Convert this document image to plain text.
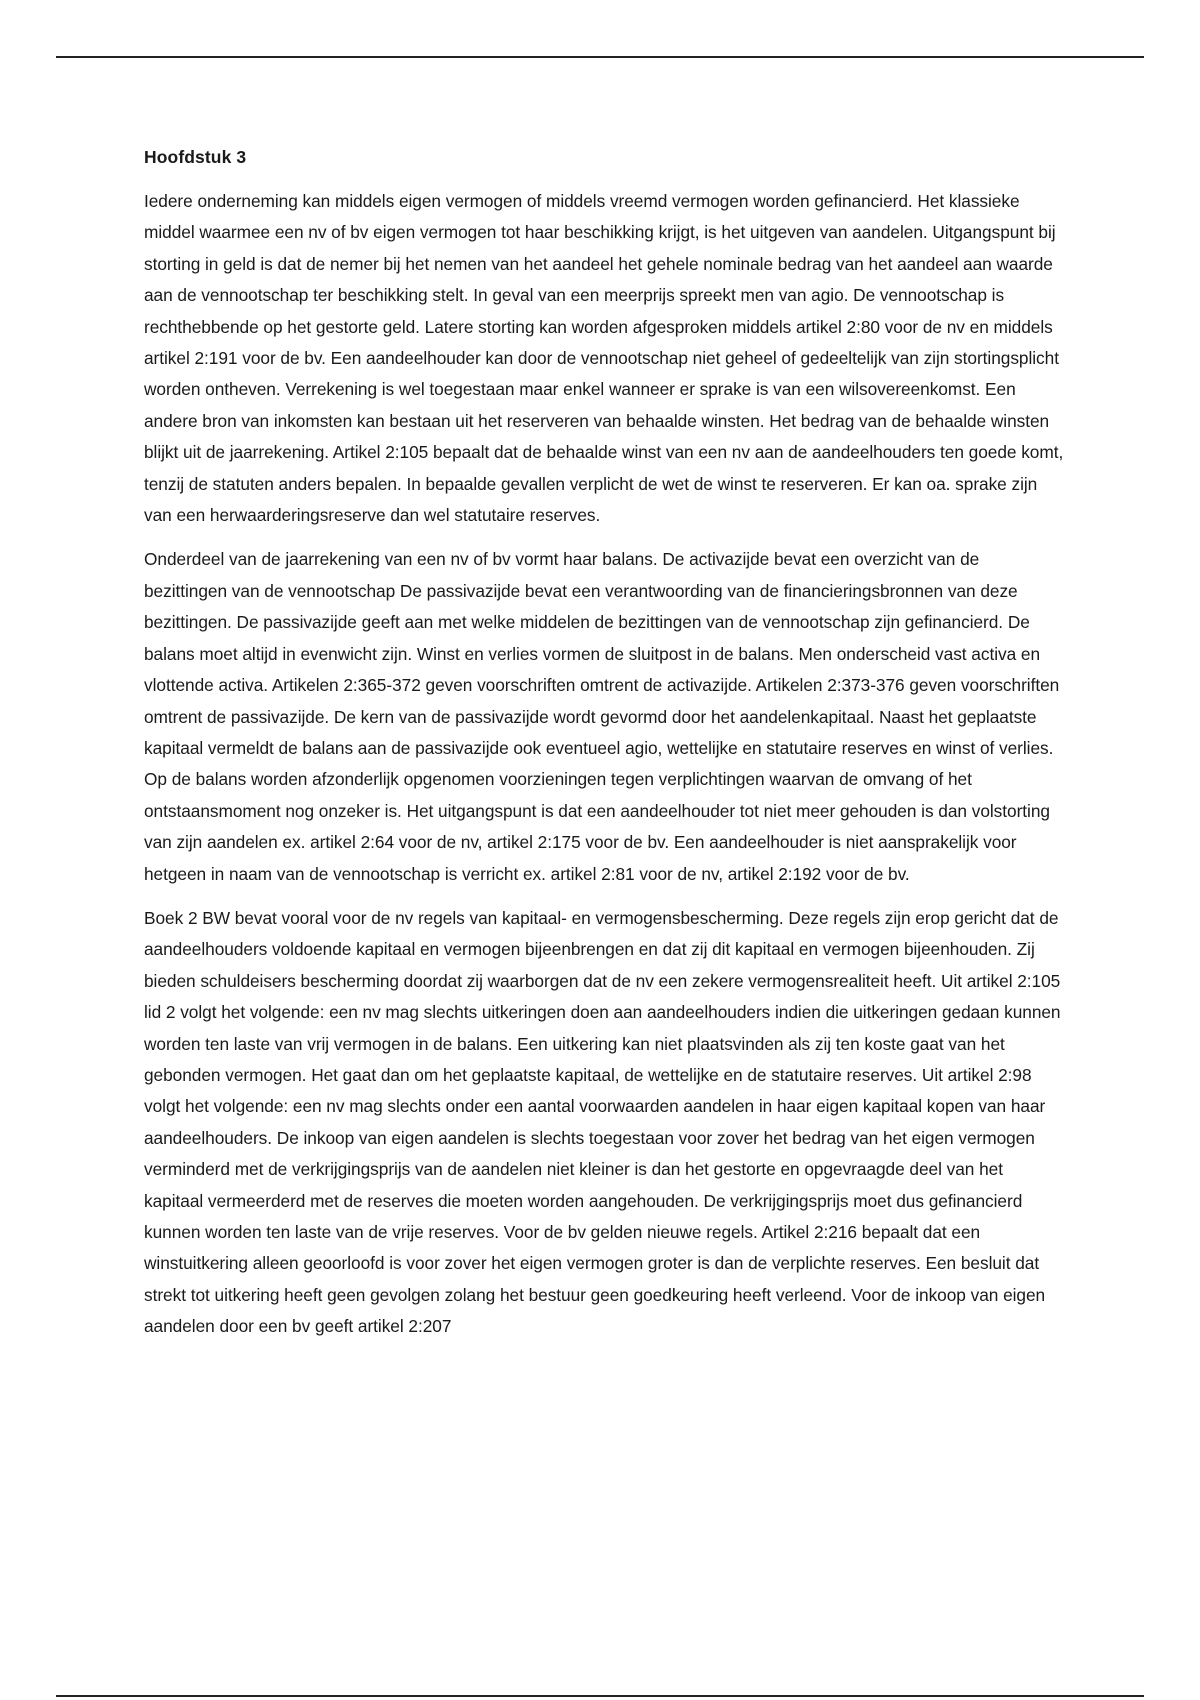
Hoofdstuk 3

Iedere onderneming kan middels eigen vermogen of middels vreemd vermogen worden gefinancierd. Het klassieke middel waarmee een nv of bv eigen vermogen tot haar beschikking krijgt, is het uitgeven van aandelen. Uitgangspunt bij storting in geld is dat de nemer bij het nemen van het aandeel het gehele nominale bedrag van het aandeel aan waarde aan de vennootschap ter beschikking stelt. In geval van een meerprijs spreekt men van agio. De vennootschap is rechthebbende op het gestorte geld. Latere storting kan worden afgesproken middels artikel 2:80 voor de nv en middels artikel 2:191 voor de bv. Een aandeelhouder kan door de vennootschap niet geheel of gedeeltelijk van zijn stortingsplicht worden ontheven. Verrekening is wel toegestaan maar enkel wanneer er sprake is van een wilsovereenkomst. Een andere bron van inkomsten kan bestaan uit het reserveren van behaalde winsten. Het bedrag van de behaalde winsten blijkt uit de jaarrekening. Artikel 2:105 bepaalt dat de behaalde winst van een nv aan de aandeelhouders ten goede komt, tenzij de statuten anders bepalen. In bepaalde gevallen verplicht de wet de winst te reserveren. Er kan oa. sprake zijn van een herwaarderingsreserve dan wel statutaire reserves.

Onderdeel van de jaarrekening van een nv of bv vormt haar balans. De activazijde bevat een overzicht van de bezittingen van de vennootschap De passivazijde bevat een verantwoording van de financieringsbronnen van deze bezittingen. De passivazijde geeft aan met welke middelen de bezittingen van de vennootschap zijn gefinancierd. De balans moet altijd in evenwicht zijn. Winst en verlies vormen de sluitpost in de balans. Men onderscheid vast activa en vlottende activa. Artikelen 2:365-372 geven voorschriften omtrent de activazijde. Artikelen 2:373-376 geven voorschriften omtrent de passivazijde. De kern van de passivazijde wordt gevormd door het aandelenkapitaal. Naast het geplaatste kapitaal vermeldt de balans aan de passivazijde ook eventueel agio, wettelijke en statutaire reserves en winst of verlies. Op de balans worden afzonderlijk opgenomen voorzieningen tegen verplichtingen waarvan de omvang of het ontstaansmoment nog onzeker is. Het uitgangspunt is dat een aandeelhouder tot niet meer gehouden is dan volstorting van zijn aandelen ex. artikel 2:64 voor de nv, artikel 2:175 voor de bv. Een aandeelhouder is niet aansprakelijk voor hetgeen in naam van de vennootschap is verricht ex. artikel 2:81 voor de nv, artikel 2:192 voor de bv.

Boek 2 BW bevat vooral voor de nv regels van kapitaal- en vermogensbescherming. Deze regels zijn erop gericht dat de aandeelhouders voldoende kapitaal en vermogen bijeenbrengen en dat zij dit kapitaal en vermogen bijeenhouden. Zij bieden schuldeisers bescherming doordat zij waarborgen dat de nv een zekere vermogensrealiteit heeft. Uit artikel 2:105 lid 2 volgt het volgende: een nv mag slechts uitkeringen doen aan aandeelhouders indien die uitkeringen gedaan kunnen worden ten laste van vrij vermogen in de balans. Een uitkering kan niet plaatsvinden als zij ten koste gaat van het gebonden vermogen. Het gaat dan om het geplaatste kapitaal, de wettelijke en de statutaire reserves. Uit artikel 2:98 volgt het volgende: een nv mag slechts onder een aantal voorwaarden aandelen in haar eigen kapitaal kopen van haar aandeelhouders. De inkoop van eigen aandelen is slechts toegestaan voor zover het bedrag van het eigen vermogen verminderd met de verkrijgingsprijs van de aandelen niet kleiner is dan het gestorte en opgevraagde deel van het kapitaal vermeerderd met de reserves die moeten worden aangehouden. De verkrijgingsprijs moet dus gefinancierd kunnen worden ten laste van de vrije reserves. Voor de bv gelden nieuwe regels. Artikel 2:216 bepaalt dat een winstuitkering alleen geoorloofd is voor zover het eigen vermogen groter is dan de verplichte reserves. Een besluit dat strekt tot uitkering heeft geen gevolgen zolang het bestuur geen goedkeuring heeft verleend. Voor de inkoop van eigen aandelen door een bv geeft artikel 2:207
